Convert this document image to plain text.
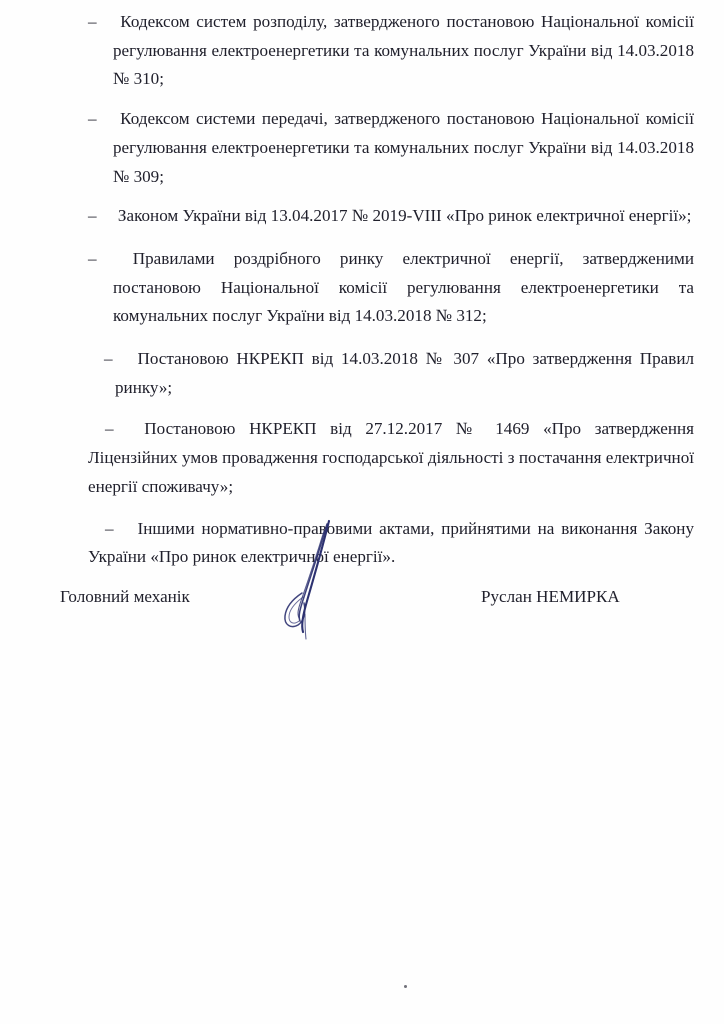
–   Кодексом систем розподілу, затвердженого постановою Національної комісії регулювання електроенергетики та комунальних послуг України від 14.03.2018 № 310;

–   Кодексом системи передачі, затвердженого постановою Національної комісії регулювання електроенергетики та комунальних послуг України від 14.03.2018 № 309;

–   Законом України від 13.04.2017 № 2019-VIII «Про ринок електричної енергії»;

–   Правилами роздрібного ринку електричної енергії, затвердженими постановою Національної комісії регулювання електроенергетики та комунальних послуг України від 14.03.2018 № 312;

–   Постановою НКРЕКП від 14.03.2018 № 307 «Про затвердження Правил ринку»;

–   Постановою НКРЕКП від 27.12.2017 № 1469 «Про затвердження Ліцензійних умов провадження господарської діяльності з постачання електричної енергії споживачу»;

–   Іншими нормативно-правовими актами, прийнятими на виконання Закону України «Про ринок електричної енергії».

Головний механік	Руслан НЕМИРКА
